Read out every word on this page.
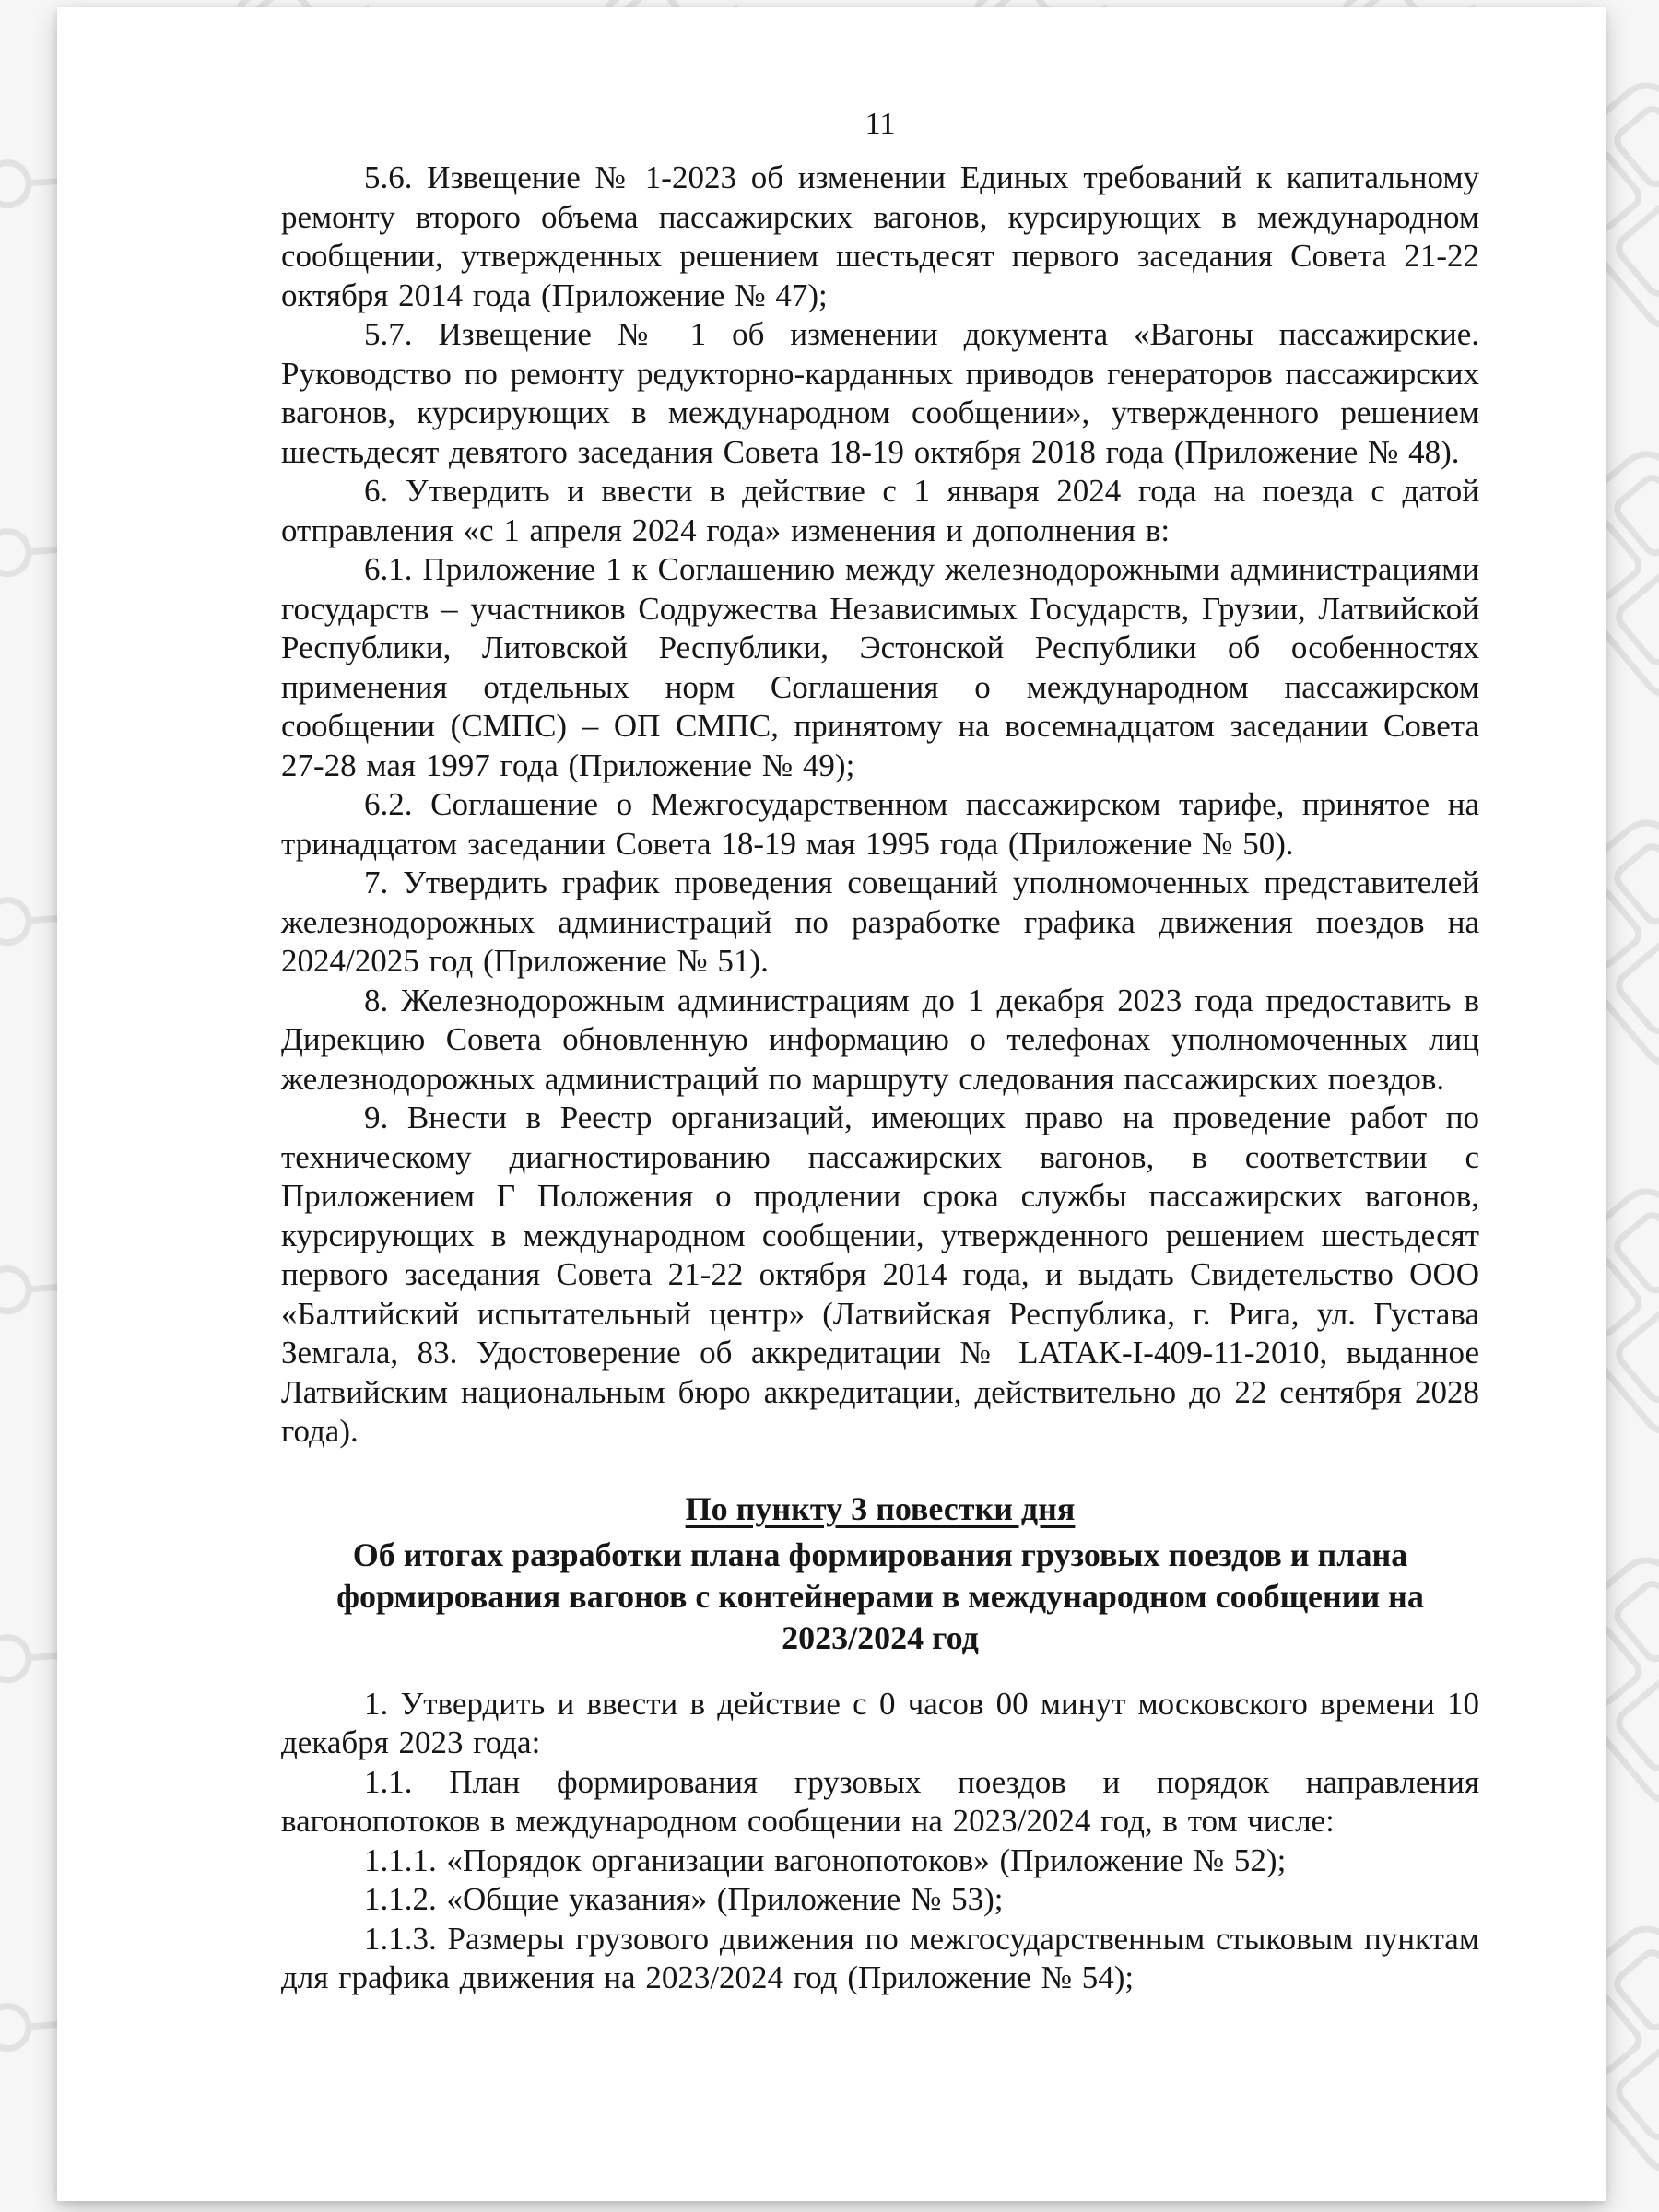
11

5.6. Извещение № 1-2023 об изменении Единых требований к капитальному ремонту второго объема пассажирских вагонов, курсирующих в международном сообщении, утвержденных решением шестьдесят первого заседания Совета 21-22 октября 2014 года (Приложение № 47);

5.7. Извещение № 1 об изменении документа «Вагоны пассажирские. Руководство по ремонту редукторно-карданных приводов генераторов пассажирских вагонов, курсирующих в международном сообщении», утвержденного решением шестьдесят девятого заседания Совета 18-19 октября 2018 года (Приложение № 48).

6. Утвердить и ввести в действие с 1 января 2024 года на поезда с датой отправления «с 1 апреля 2024 года» изменения и дополнения в:

6.1. Приложение 1 к Соглашению между железнодорожными администрациями государств – участников Содружества Независимых Государств, Грузии, Латвийской Республики, Литовской Республики, Эстонской Республики об особенностях применения отдельных норм Соглашения о международном пассажирском сообщении (СМПС) – ОП СМПС, принятому на восемнадцатом заседании Совета 27-28 мая 1997 года (Приложение № 49);

6.2. Соглашение о Межгосударственном пассажирском тарифе, принятое на тринадцатом заседании Совета 18-19 мая 1995 года (Приложение № 50).

7. Утвердить график проведения совещаний уполномоченных представителей железнодорожных администраций по разработке графика движения поездов на 2024/2025 год (Приложение № 51).

8. Железнодорожным администрациям до 1 декабря 2023 года предоставить в Дирекцию Совета обновленную информацию о телефонах уполномоченных лиц железнодорожных администраций по маршруту следования пассажирских поездов.

9. Внести в Реестр организаций, имеющих право на проведение работ по техническому диагностированию пассажирских вагонов, в соответствии с Приложением Г Положения о продлении срока службы пассажирских вагонов, курсирующих в международном сообщении, утвержденного решением шестьдесят первого заседания Совета 21-22 октября 2014 года, и выдать Свидетельство ООО «Балтийский испытательный центр» (Латвийская Республика, г. Рига, ул. Густава Земгала, 83. Удостоверение об аккредитации № LATAK-I-409-11-2010, выданное Латвийским национальным бюро аккредитации, действительно до 22 сентября 2028 года).

По пункту 3 повестки дня
Об итогах разработки плана формирования грузовых поездов и плана формирования вагонов с контейнерами в международном сообщении на 2023/2024 год

1. Утвердить и ввести в действие с 0 часов 00 минут московского времени 10 декабря 2023 года:

1.1. План формирования грузовых поездов и порядок направления вагонопотоков в международном сообщении на 2023/2024 год, в том числе:

1.1.1. «Порядок организации вагонопотоков» (Приложение № 52);

1.1.2. «Общие указания» (Приложение № 53);

1.1.3. Размеры грузового движения по межгосударственным стыковым пунктам для графика движения на 2023/2024 год (Приложение № 54);
